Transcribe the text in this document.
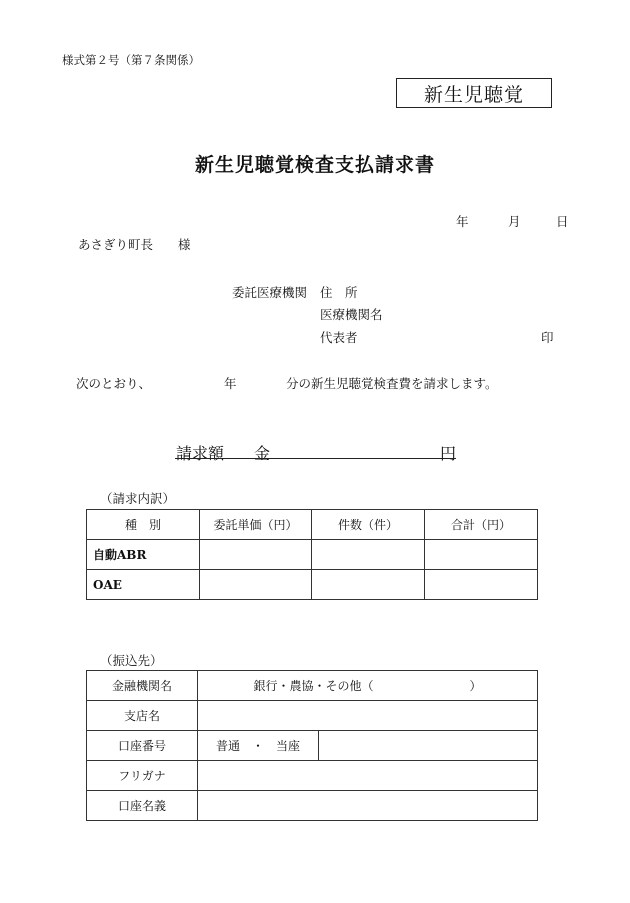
様式第２号（第７条関係）
新生児聴覚
新生児聴覚検査支払請求書
年	月	日
あさぎり町長　　様
委託医療機関 住　所
医療機関名
代表者	印
次のとおり、	年	分の新生児聴覚検査費を請求します。
請求額 金	円
（請求内訳）
種　別	委託単価（円）	件数（件）	合計（円）
自動ABR			
OAE			
（振込先）
金融機関名	銀行・農協・その他（　　　　　　　　）
支店名	
口座番号	普通　・　当座

フリガナ	
口座名義	
